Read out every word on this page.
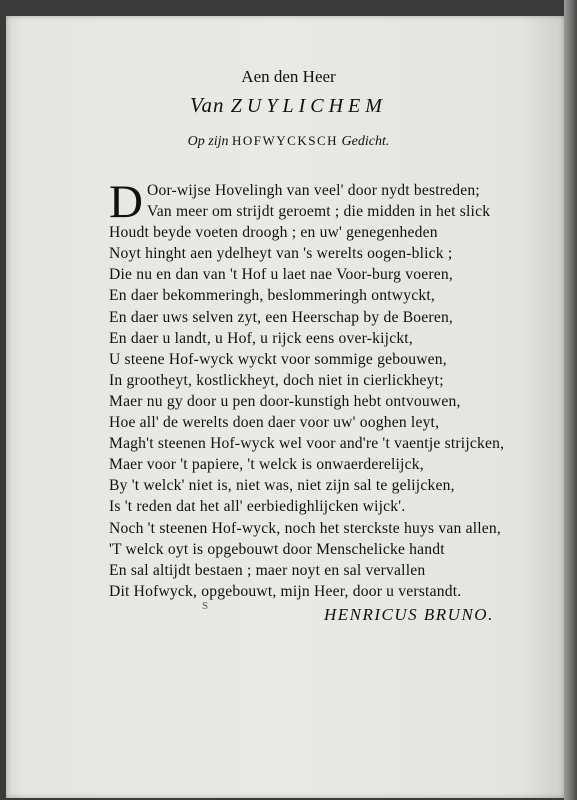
Aen den Heer
Van ZUYLICHEM
Op zijn HOFWYCKSCH Gedicht.
D Oor-wijse Hovelingh van veel' door nydt bestreden;
Van meer om strijdt geroemt ; die midden in het slick
Houdt beyde voeten droogh ; en uw' genegenheden
Noyt hinght aen ydelheyt van 's werelts oogen-blick ;
Die nu en dan van 't Hof u laet nae Voor-burg voeren,
En daer bekommeringh, beslommeringh ontwyckt,
En daer uws selven zyt, een Heerschap by de Boeren,
En daer u landt, u Hof, u rijck eens over-kijckt,
U steene Hof-wyck wyckt voor sommige gebouwen,
In grootheyt, kostlickheyt, doch niet in cierlickheyt;
Maer nu gy door u pen door-kunstigh hebt ontvouwen,
Hoe all' de werelts doen daer voor uw' ooghen leyt,
Magh't steenen Hof-wyck wel voor and're 't vaentje strijcken,
Maer voor 't papiere, 't welck is onwaerderelijck,
By 't welck' niet is, niet was, niet zijn sal te gelijcken,
Is 't reden dat het all' eerbiedighlijcken wijck'.
Noch 't steenen Hof-wyck, noch het sterckste huys van allen,
'T welck oyt is opgebouwt door Menschelicke handt
En sal altijdt bestaen ; maer noyt en sal vervallen
Dit Hofwyck, opgebouwt, mijn Heer, door u verstandt.
S	HENRICUS BRUNO.
